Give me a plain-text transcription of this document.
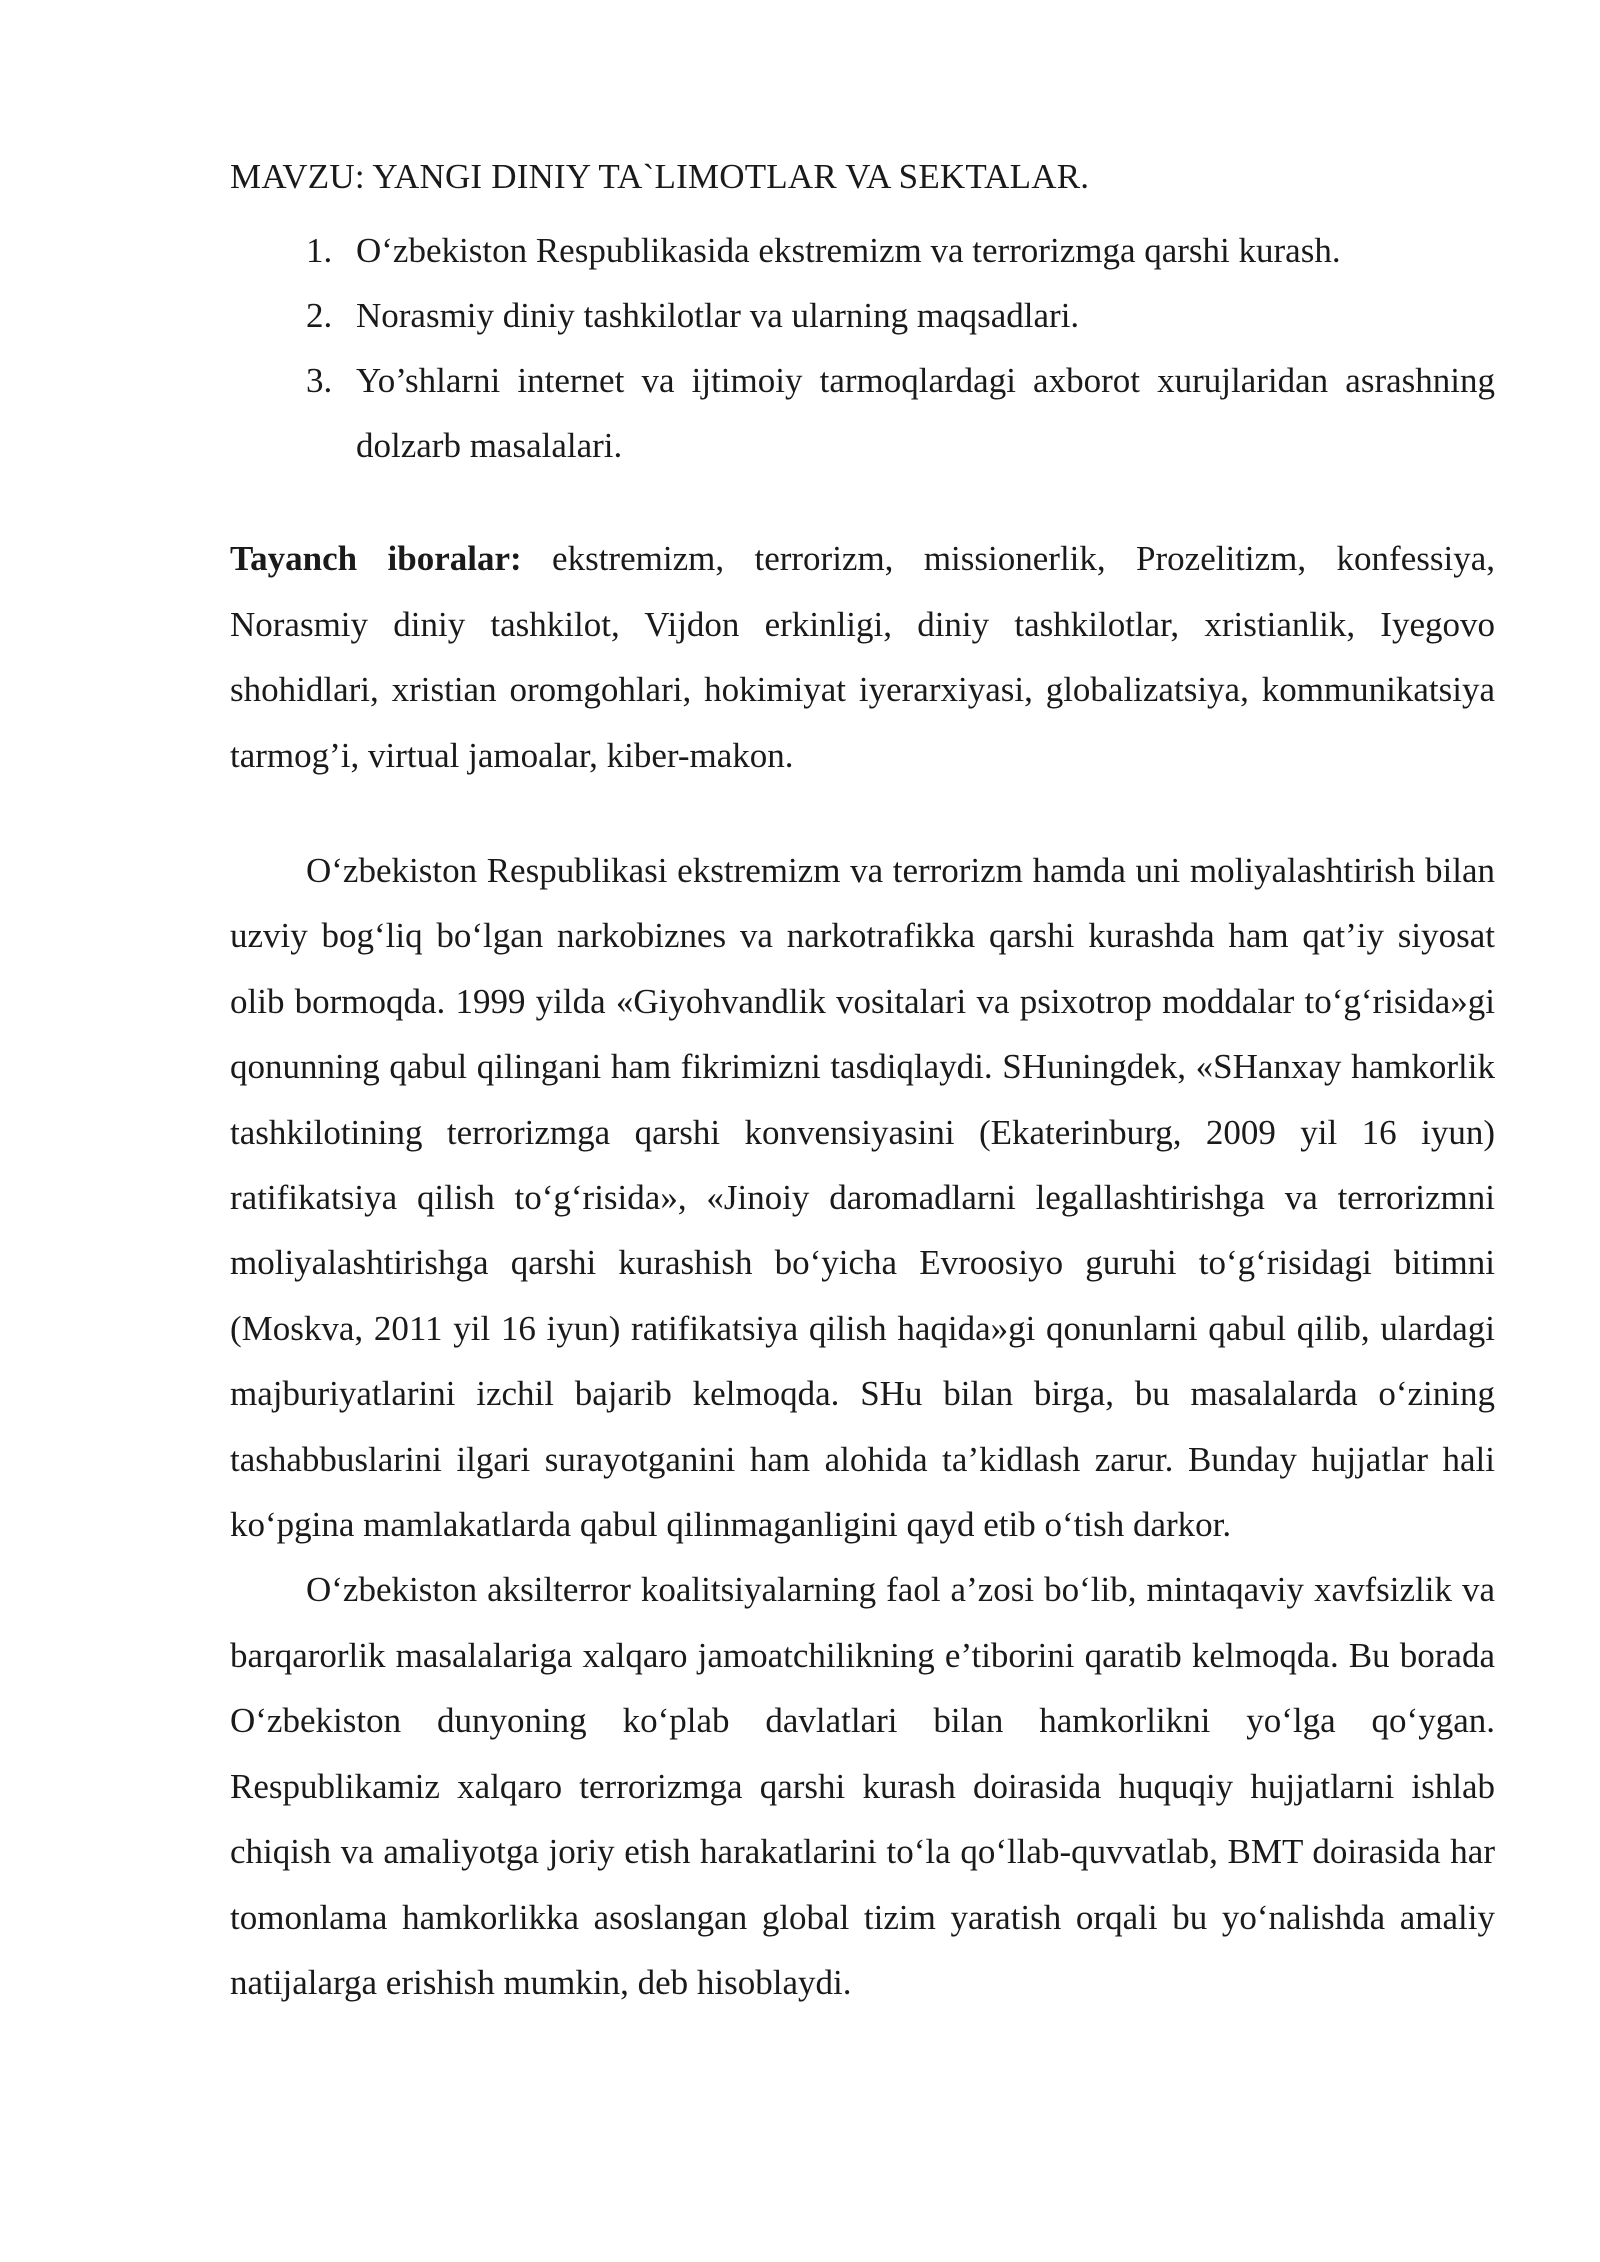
MAVZU: YANGI DINIY TA`LIMOTLAR VA SEKTALAR.
1. O‘zbekiston Respublikasida ekstremizm va terrorizmga qarshi kurash.
2. Norasmiy diniy tashkilotlar va ularning maqsadlari.
3. Yo’shlarni internet va ijtimoiy tarmoqlardagi axborot xurujlaridan asrashning dolzarb masalalari.

Tayanch iboralar: ekstremizm, terrorizm, missionerlik, Prozelitizm, konfessiya, Norasmiy diniy tashkilot, Vijdon erkinligi, diniy tashkilotlar, xristianlik, Iyegovo shohidlari, xristian oromgohlari, hokimiyat iyerarxiyasi, globalizatsiya, kommunikatsiya tarmog’i, virtual jamoalar, kiber-makon.

O‘zbekiston Respublikasi ekstremizm va terrorizm hamda uni moliyalashtirish bilan uzviy bog‘liq bo‘lgan narkobiznes va narkotrafikka qarshi kurashda ham qat’iy siyosat olib bormoqda. 1999 yilda «Giyohvandlik vositalari va psixotrop moddalar to‘g‘risida»gi qonunning qabul qilingani ham fikrimizni tasdiqlaydi. SHuningdek, «SHanxay hamkorlik tashkilotining terrorizmga qarshi konvensiyasini (Ekaterinburg, 2009 yil 16 iyun) ratifikatsiya qilish to‘g‘risida», «Jinoiy daromadlarni legallashtirishga va terrorizmni moliyalashtirishga qarshi kurashish bo‘yicha Evroosiyo guruhi to‘g‘risidagi bitimni (Moskva, 2011 yil 16 iyun) ratifikatsiya qilish haqida»gi qonunlarni qabul qilib, ulardagi majburiyatlarini izchil bajarib kelmoqda. SHu bilan birga, bu masalalarda o‘zining tashabbuslarini ilgari surayotganini ham alohida ta’kidlash zarur. Bunday hujjatlar hali ko‘pgina mamlakatlarda qabul qilinmaganligini qayd etib o‘tish darkor.

O‘zbekiston aksilterror koalitsiyalarning faol a’zosi bo‘lib, mintaqaviy xavfsizlik va barqarorlik masalalariga xalqaro jamoatchilikning e’tiborini qaratib kelmoqda. Bu borada O‘zbekiston dunyoning ko‘plab davlatlari bilan hamkorlikni yo‘lga qo‘ygan. Respublikamiz xalqaro terrorizmga qarshi kurash doirasida huquqiy hujjatlarni ishlab chiqish va amaliyotga joriy etish harakatlarini to‘la qo‘llab-quvvatlab, BMT doirasida har tomonlama hamkorlikka asoslangan global tizim yaratish orqali bu yo‘nalishda amaliy natijalarga erishish mumkin, deb hisoblaydi.
